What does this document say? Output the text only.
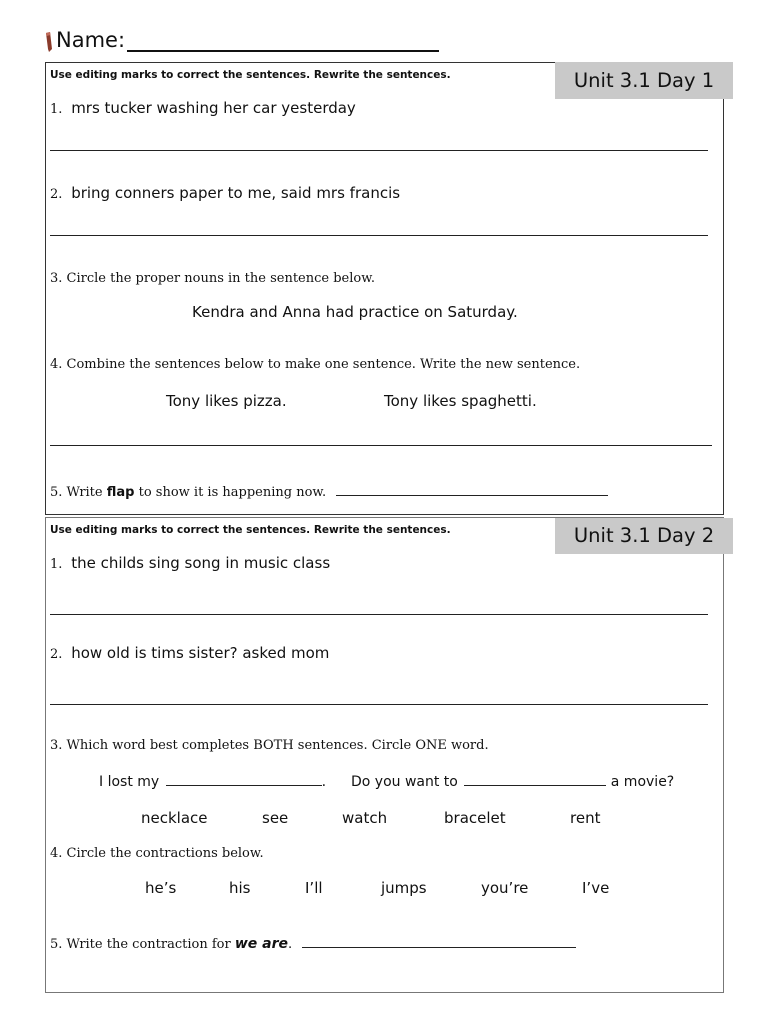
Name:
Use editing marks to correct the sentences. Rewrite the sentences.	Unit 3.1 Day 1
1. mrs tucker washing her car yesterday
2. bring conners paper to me, said mrs francis
3. Circle the proper nouns in the sentence below.
Kendra and Anna had practice on Saturday.
4. Combine the sentences below to make one sentence. Write the new sentence.
Tony likes pizza.	Tony likes spaghetti.
5. Write flap to show it is happening now.
Use editing marks to correct the sentences. Rewrite the sentences.	Unit 3.1 Day 2
1. the childs sing song in music class
2. how old is tims sister? asked mom
3. Which word best completes BOTH sentences. Circle ONE word.
I lost my	. Do you want to	a movie?
necklace	see	watch	bracelet	rent
4. Circle the contractions below.
he’s	his	I’ll	jumps	you’re	I’ve
5. Write the contraction for we are.
